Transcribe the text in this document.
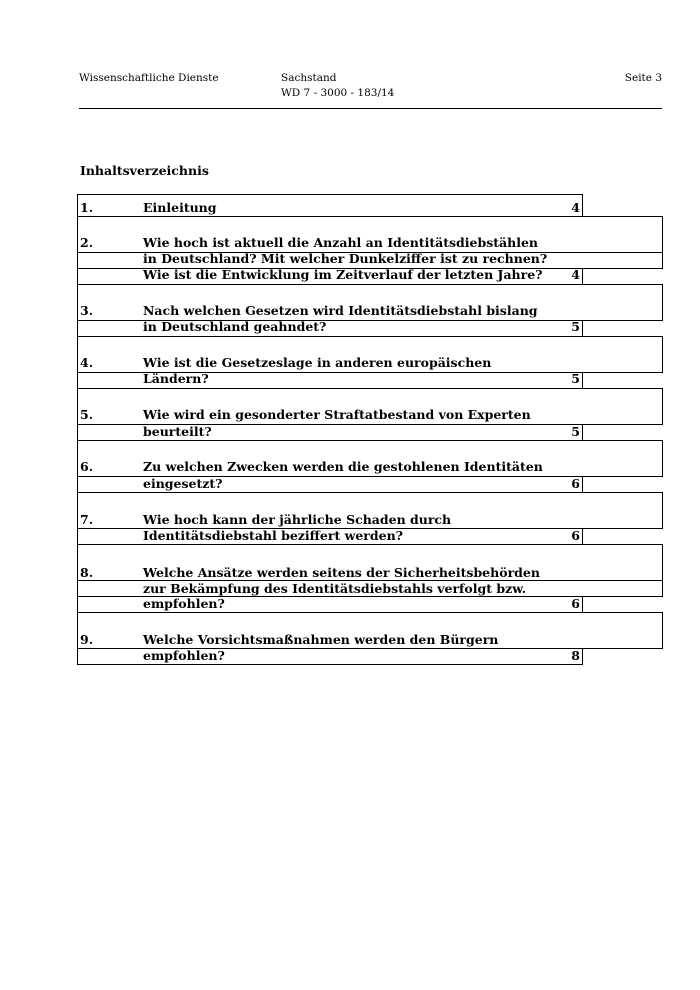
Wissenschaftliche Dienste	Sachstand
WD 7 - 3000 - 183/14
Seite 3
Inhaltsverzeichnis
1.	Einleitung	4
2.	Wie hoch ist aktuell die Anzahl an Identitätsdiebstählen
in Deutschland? Mit welcher Dunkelziffer ist zu rechnen?
Wie ist die Entwicklung im Zeitverlauf der letzten Jahre?	4
3.	Nach welchen Gesetzen wird Identitätsdiebstahl bislang
in Deutschland geahndet?	5
4.	Wie ist die Gesetzeslage in anderen europäischen
Ländern?	5
5.	Wie wird ein gesonderter Straftatbestand von Experten
beurteilt?	5
6.	Zu welchen Zwecken werden die gestohlenen Identitäten
eingesetzt?	6
7.	Wie hoch kann der jährliche Schaden durch
Identitätsdiebstahl beziffert werden?	6
8.	Welche Ansätze werden seitens der Sicherheitsbehörden
zur Bekämpfung des Identitätsdiebstahls verfolgt bzw.
empfohlen?	6
9.	Welche Vorsichtsmaßnahmen werden den Bürgern
empfohlen?	8
